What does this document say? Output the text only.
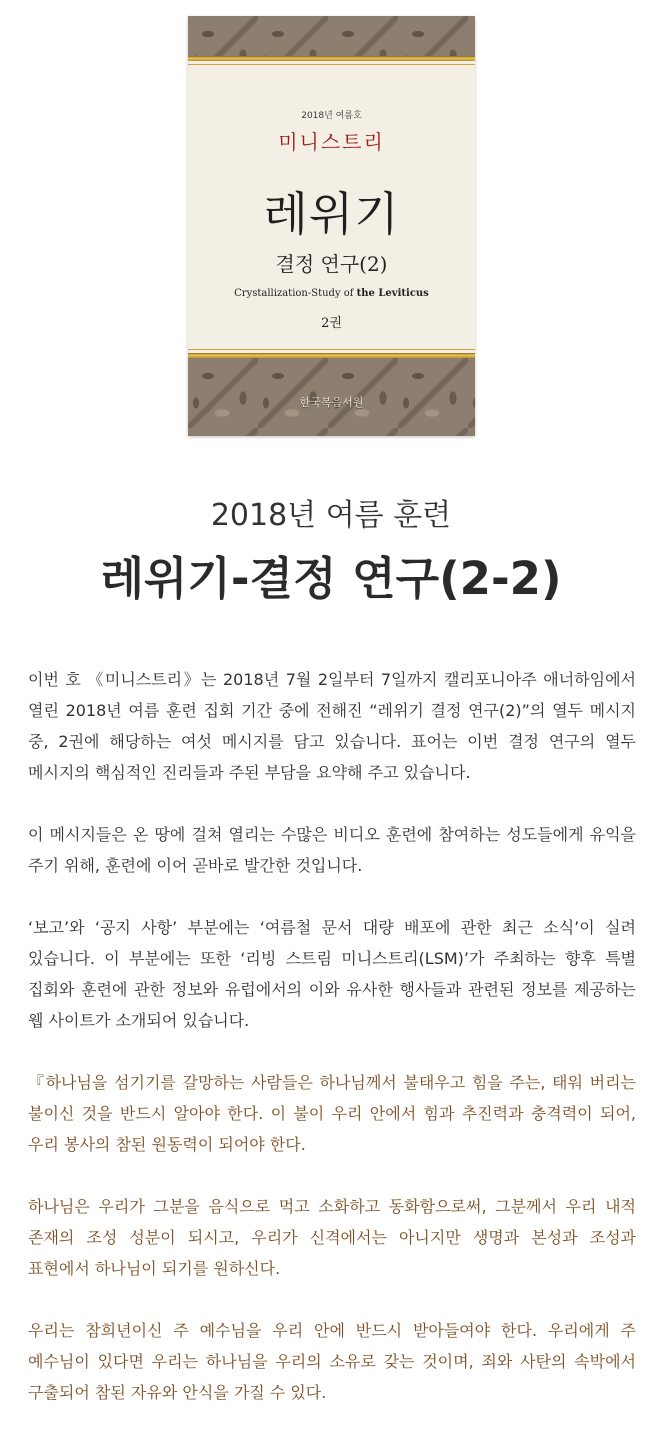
2018년 여름호
미니스트리
레위기
결정 연구(2)
Crystallization-Study of the Leviticus
2권
한국복음서원
2018년 여름 훈련
레위기-결정 연구(2-2)

이번 호 《미니스트리》는 2018년 7월 2일부터 7일까지 캘리포니아주 애너하임에서 열린 2018년 여름 훈련 집회 기간 중에 전해진 “레위기 결정 연구(2)”의 열두 메시지 중, 2권에 해당하는 여섯 메시지를 담고 있습니다. 표어는 이번 결정 연구의 열두 메시지의 핵심적인 진리들과 주된 부담을 요약해 주고 있습니다.

이 메시지들은 온 땅에 걸쳐 열리는 수많은 비디오 훈련에 참여하는 성도들에게 유익을 주기 위해, 훈련에 이어 곧바로 발간한 것입니다.

‘보고’와 ‘공지 사항’ 부분에는 ‘여름철 문서 대량 배포에 관한 최근 소식’이 실려 있습니다. 이 부분에는 또한 ‘리빙 스트림 미니스트리(LSM)’가 주최하는 향후 특별 집회와 훈련에 관한 정보와 유럽에서의 이와 유사한 행사들과 관련된 정보를 제공하는 웹 사이트가 소개되어 있습니다.

『하나님을 섬기기를 갈망하는 사람들은 하나님께서 불태우고 힘을 주는, 태워 버리는 불이신 것을 반드시 알아야 한다. 이 불이 우리 안에서 힘과 추진력과 충격력이 되어, 우리 봉사의 참된 원동력이 되어야 한다.

하나님은 우리가 그분을 음식으로 먹고 소화하고 동화함으로써, 그분께서 우리 내적 존재의 조성 성분이 되시고, 우리가 신격에서는 아니지만 생명과 본성과 조성과 표현에서 하나님이 되기를 원하신다.

우리는 참희년이신 주 예수님을 우리 안에 반드시 받아들여야 한다. 우리에게 주 예수님이 있다면 우리는 하나님을 우리의 소유로 갖는 것이며, 죄와 사탄의 속박에서 구출되어 참된 자유와 안식을 가질 수 있다.
